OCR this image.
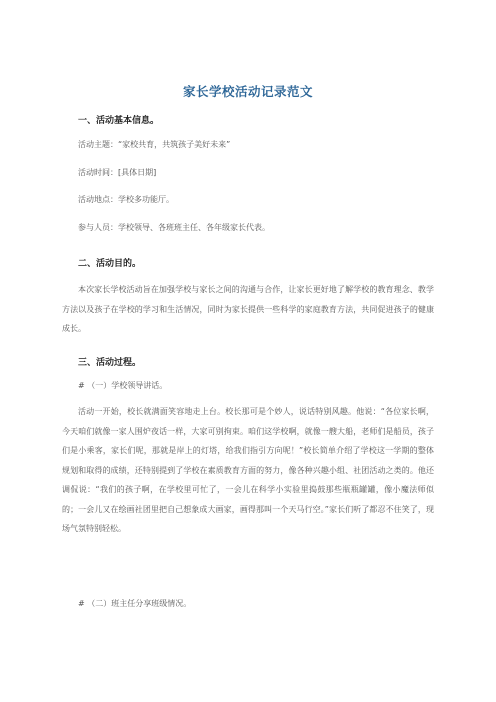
家长学校活动记录范文
一、活动基本信息。
活动主题：“家校共育，共筑孩子美好未来”
活动时间：[具体日期]
活动地点：学校多功能厅。
参与人员：学校领导、各班班主任、各年级家长代表。
二、活动目的。

本次家长学校活动旨在加强学校与家长之间的沟通与合作，让家长更好地了解学校的教育理念、教学方法以及孩子在学校的学习和生活情况，同时为家长提供一些科学的家庭教育方法，共同促进孩子的健康成长。

三、活动过程。
# （一）学校领导讲话。

活动一开始，校长就满面笑容地走上台。校长那可是个妙人，说话特别风趣。他说：“各位家长啊，今天咱们就像一家人围炉夜话一样，大家可别拘束。咱们这学校啊，就像一艘大船，老师们是船员，孩子们是小乘客，家长们呢，那就是岸上的灯塔，给我们指引方向呢！”校长简单介绍了学校这一学期的整体规划和取得的成绩，还特别提到了学校在素质教育方面的努力，像各种兴趣小组、社团活动之类的。他还调侃说：“我们的孩子啊，在学校里可忙了，一会儿在科学小实验里捣鼓那些瓶瓶罐罐，像小魔法师似的；一会儿又在绘画社团里把自己想象成大画家，画得那叫一个天马行空。”家长们听了都忍不住笑了，现场气氛特别轻松。

# （二）班主任分享班级情况。
